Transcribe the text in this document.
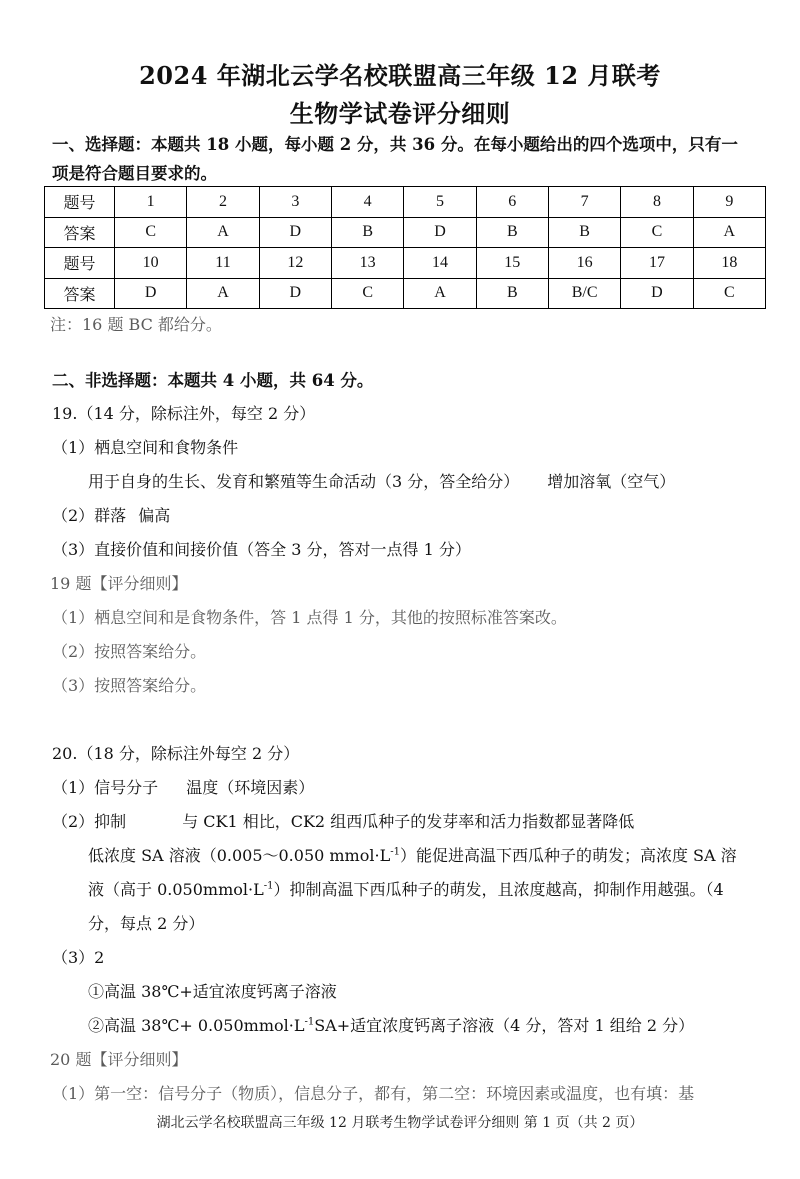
2024 年湖北云学名校联盟高三年级 12 月联考
生物学试卷评分细则
一、选择题：本题共 18 小题，每小题 2 分，共 36 分。在每小题给出的四个选项中，只有一
项是符合题目要求的。
题号	1	2	3	4	5	6	7	8	9
答案	C	A	D	B	D	B	B	C	A
题号	10	11	12	13	14	15	16	17	18
答案	D	A	D	C	A	B	B/C	D	C
注：16 题 BC 都给分。
二、非选择题：本题共 4 小题，共 64 分。
19.（14 分，除标注外，每空 2 分）
（1）栖息空间和食物条件
用于自身的生长、发育和繁殖等生命活动（3 分，答全给分） 增加溶氧（空气）
（2）群落 偏高
（3）直接价值和间接价值（答全 3 分，答对一点得 1 分）
19 题【评分细则】
（1）栖息空间和是食物条件，答 1 点得 1 分，其他的按照标准答案改。
（2）按照答案给分。
（3）按照答案给分。
20.（18 分，除标注外每空 2 分）
（1）信号分子 温度（环境因素）
（2）抑制	与 CK1 相比，CK2 组西瓜种子的发芽率和活力指数都显著降低
低浓度 SA 溶液（0.005～0.050 $mmol\cdot L^{-1}$）能促进高温下西瓜种子的萌发；高浓度 SA 溶
液（高于 $0.050mmol\cdot L^{-1}$）抑制高温下西瓜种子的萌发，且浓度越高，抑制作用越强。（4
分，每点 2 分）
（3）2
①高温 38℃+适宜浓度钙离子溶液
②高温 38℃+ $0.050mmol\cdot L^{-1}SA+$适宜浓度钙离子溶液（4 分，答对 1 组给 2 分）
20 题【评分细则】
（1）第一空：信号分子（物质），信息分子，都有，第二空：环境因素或温度，也有填：基
湖北云学名校联盟高三年级 12 月联考生物学试卷评分细则 第 1 页（共 2 页）
